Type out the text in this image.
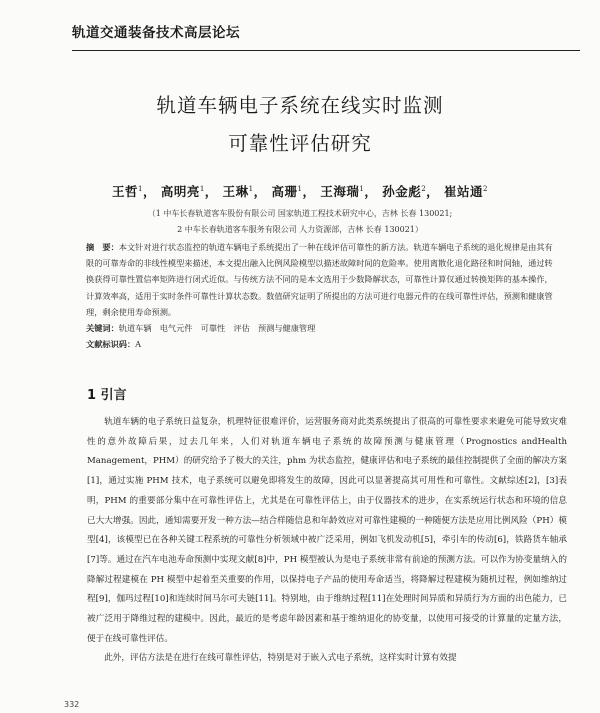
轨道交通装备技术高层论坛
轨道车辆电子系统在线实时监测
可靠性评估研究
王哲$^1$， 高明亮$^1$， 王琳$^1$， 高珊$^1$， 王海瑞$^1$， 孙金彪$^2$， 崔站通$^2$
（1 中车长春轨道客车股份有限公司 国家轨道工程技术研究中心，吉林 长春 130021;
2 中车长春轨道客车服务有限公司 人力资源部，吉林 长春 130021）

摘　要：本文针对进行状态监控的轨道车辆电子系统提出了一种在线评估可靠性的新方法。轨道车辆电子系统的退化规律是由其有限的可靠寿命的非线性模型来描述，本文提出融入比例风险模型以描述故障时间的危险率。使用离散化退化路径和时间轴，通过转换获得可靠性置信率矩阵进行闭式近似。与传统方法不同的是本文选用于少数降解状态，可靠性计算仅通过转换矩阵的基本操作，计算效率高，适用于实时条件可靠性计算状态数。数值研究证明了所提出的方法可进行电器元件的在线可靠性评估，预测和健康管理，剩余使用寿命预测。

关键词：轨道车辆　电气元件　可靠性　评估　预测与健康管理

文献标识码：A

1 引言

轨道车辆的电子系统日益复杂，机理特征很难评价，运营服务商对此类系统提出了很高的可靠性要求来避免可能导致灾难性的意外故障后果，过去几年来，人们对轨道车辆电子系统的故障预测与健康管理（Prognostics andHealth Management，PHM）的研究给予了极大的关注，phm 为状态监控，健康评估和电子系统的最佳控制提供了全面的解决方案[1]，通过实施 PHM 技术，电子系统可以避免即将发生的故障，因此可以显著提高其可用性和可靠性。文献综述[2]，[3]表明，PHM 的重要部分集中在可靠性评估上，尤其是在可靠性评估上，由于仪器技术的进步，在实系统运行状态和环境的信息已大大增强。因此，通知需要开发一种方法—结合样随信息和年龄效应对可靠性建模的一种随便方法是应用比例风险（PH）模型[4]，该模型已在各种关键工程系统的可靠性分析领域中被广泛采用，例如飞机发动机[5]，牵引车的传动[6]，铁路货车轴承[7]等。通过在汽车电池寿命预测中实现文献[8]中，PH 模型被认为是电子系统非常有前途的预测方法。可以作为协变量纳入的降解过程建模在 PH 模型中起着至关重要的作用，以保持电子产品的使用寿命适当，将降解过程建模为随机过程，例如维纳过程[9]，伽玛过程[10]和连续时间马尔可夫链[11]。特别地，由于维纳过程[11]在处理时间异质和异质行为方面的出色能力，已被广泛用于降维过程的建模中。因此，最近的是考虑年龄因素和基于维纳退化的协变量，以使用可接受的计算量的定量方法，便于在线可靠性评估。

此外，评估方法是在进行在线可靠性评估，特别是对于嵌入式电子系统，这样实时计算有效提

332
